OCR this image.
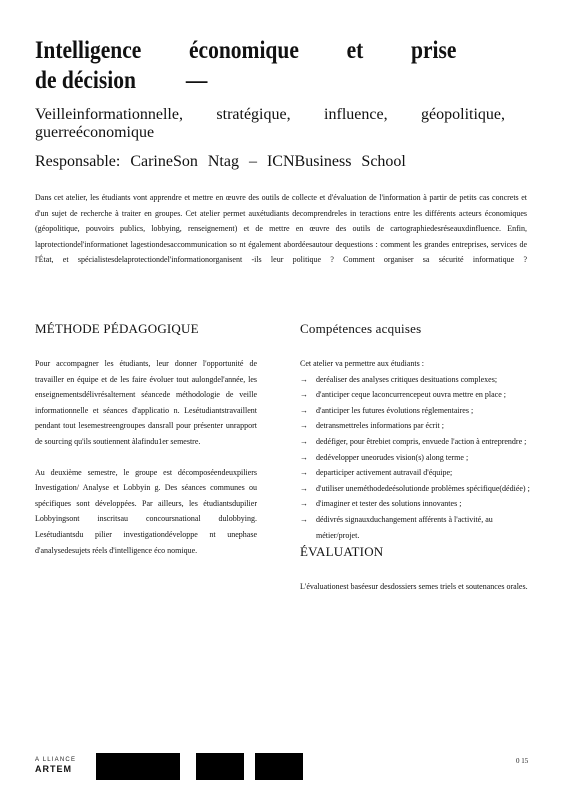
Intelligence économique et prise
de décision —
Veilleinformationnelle, stratégique, influence, géopolitique, guerreéconomique
Responsable: CarineSon Ntag – ICNBusiness School
Dans cet atelier, les étudiants vont apprendre et mettre en œuvre des outils de collecte et d'évaluation de l'information à partir de petits cas concrets et d'un sujet de recherche à traiter en groupes. Cet atelier permet auxétudiants decomprendreles in teractions entre les différents acteurs économiques (géopolitique, pouvoirs publics, lobbying, renseignement) et de mettre en œuvre des outils de cartographiedesréseauxdinfluence. Enfin, laprotectiondel'informationet lagestiondesaccommunication so nt également abordéesautour dequestions : comment les grandes entreprises, services de l'État, et spécialistesdelaprotectiondel'informationorganisent -ils leur politique ? Comment organiser sa sécurité informatique ?
MÉTHODE PÉDAGOGIQUE

Pour accompagner les étudiants, leur donner l'opportunité de travailler en équipe et de les faire évoluer tout aulongdel'année, les enseignementsdélivrésalternent séancede méthodologie de veille informationnelle et séances d'applicatio n. Lesétudiantstravaillent pendant tout lesemestreengroupes dansrall pour présenter unrapport de sourcing qu'ils soutiennent àlafindu1er semestre.

Au deuxième semestre, le groupe est décomposéendeuxpiliers Investigation/ Analyse et Lobbyin g. Des séances communes ou spécifiques sont développées. Par ailleurs, les étudiantsdupilier Lobbyingsont inscritsau concoursnational dulobbying. Lesétudiantsdu pilier investigationdéveloppe nt unephase d'analysedesujets réels d'intelligence éco nomique.

Compétences acquises
Cet atelier va permettre aux étudiants :
→ deréaliser des analyses critiques desituations complexes;
→ d'anticiper ceque laconcurrencepeut ouvra mettre en place ;
→ d'anticiper les futures évolutions réglementaires ;
→ detransmettreles informations par écrit ;
→ dedéfiger, pour êtrebiet compris, envuede l'action à entreprendre ;
→ dedévelopper uneorudes vision(s) along terme ;
→ departiciper activement autravail d'équipe;
→ d'utiliser uneméthodedeésolutionde problèmes spécifique(dédiée) ;
→ d'imaginer et tester des solutions innovantes ;
→ dédivrés signauxduchangement afférents à l'activité, au métier/projet.
ÉVALUATION
L'évaluationest baséesur desdossiers semes triels et soutenances orales.
A LLIANCE
ARTEM
0 15
